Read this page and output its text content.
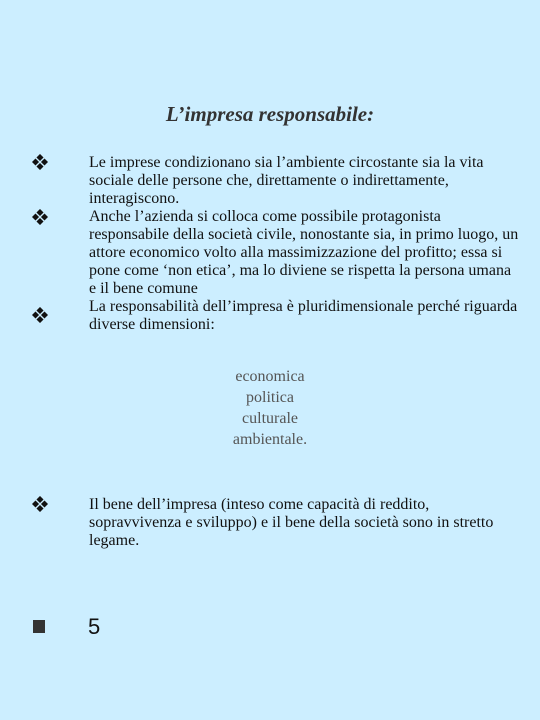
L’impresa responsabile:

Le imprese condizionano sia l’ambiente circostante sia la vita sociale delle persone che, direttamente o indirettamente, interagiscono.

Anche l’azienda si colloca come possibile protagonista responsabile della società civile, nonostante sia, in primo luogo, un attore economico volto alla massimizzazione del profitto; essa si pone come ‘non etica’, ma lo diviene se rispetta la persona umana e il bene comune

La responsabilità dell’impresa è pluridimensionale perché riguarda diverse dimensioni:

economica
politica
culturale
ambientale.

Il bene dell’impresa (inteso come capacità di reddito, sopravvivenza e sviluppo) e il bene della società sono in stretto legame.

5
